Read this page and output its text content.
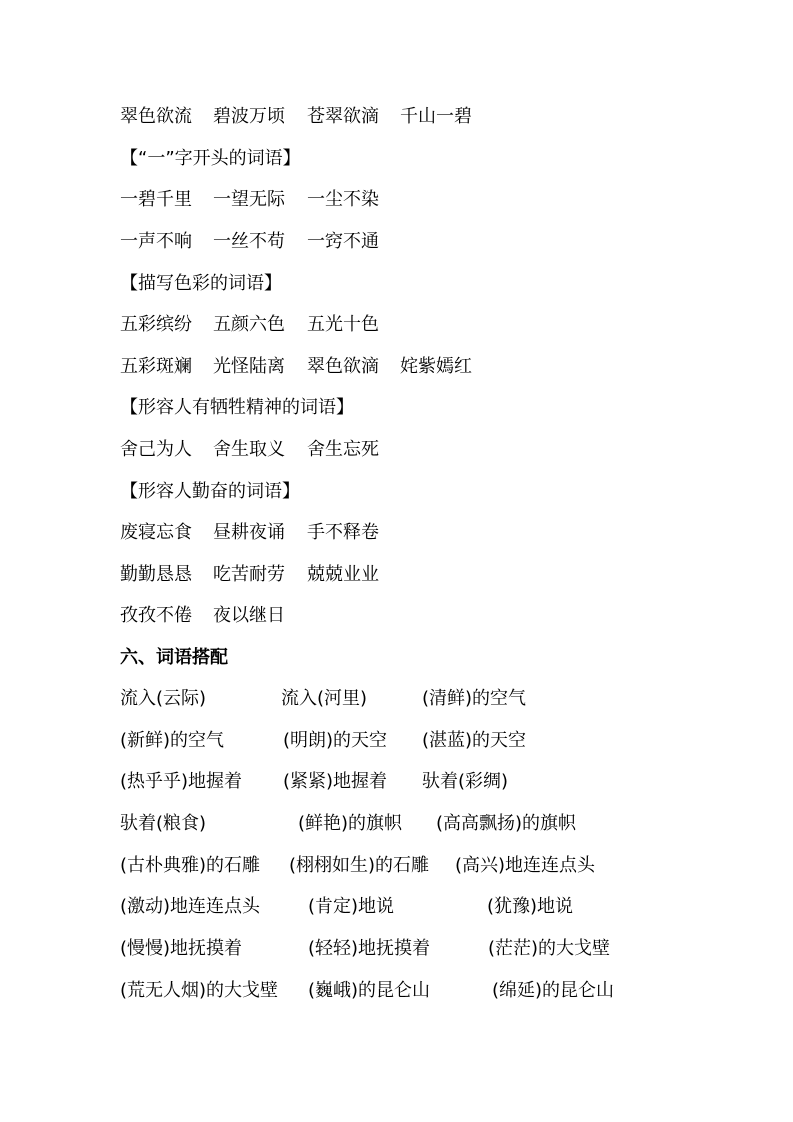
翠色欲流 碧波万顷 苍翠欲滴 千山一碧
【“一”字开头的词语】
一碧千里 一望无际 一尘不染
一声不响 一丝不苟 一窍不通
【描写色彩的词语】
五彩缤纷 五颜六色 五光十色
五彩斑斓 光怪陆离 翠色欲滴 姹紫嫣红
【形容人有牺牲精神的词语】
舍己为人 舍生取义 舍生忘死
【形容人勤奋的词语】
废寝忘食 昼耕夜诵 手不释卷
勤勤恳恳 吃苦耐劳 兢兢业业
孜孜不倦 夜以继日
六、词语搭配
流入(云际)	流入(河里)	(清鲜)的空气
(新鲜)的空气	(明朗)的天空 (湛蓝)的天空
(热乎乎)地握着 (紧紧)地握着 驮着(彩绸)
驮着(粮食)	(鲜艳)的旗帜 (高高飘扬)的旗帜
(古朴典雅)的石雕 (栩栩如生)的石雕 (高兴)地连连点头
(激动)地连连点头	(肯定)地说	(犹豫)地说
(慢慢)地抚摸着	(轻轻)地抚摸着	(茫茫)的大戈壁
(荒无人烟)的大戈壁 (巍峨)的昆仑山	(绵延)的昆仑山
